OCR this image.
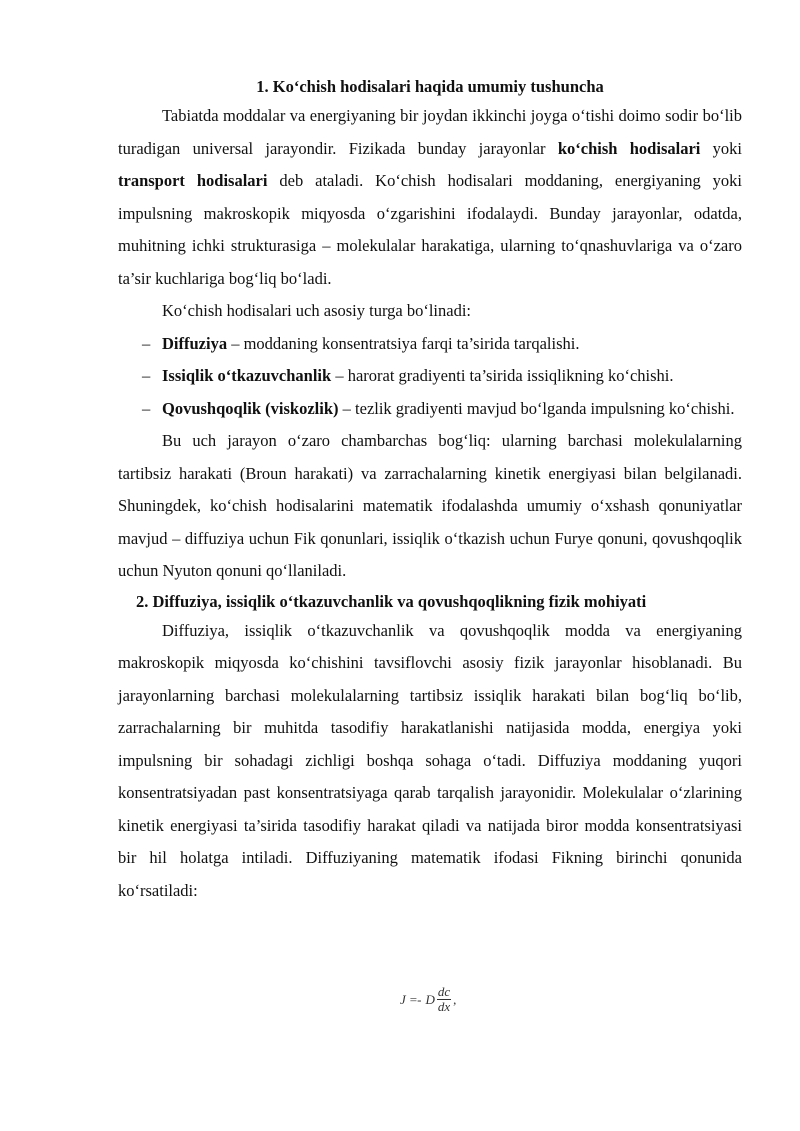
1. Ko‘chish hodisalari haqida umumiy tushuncha

Tabiatda moddalar va energiyaning bir joydan ikkinchi joyga o‘tishi doimo sodir bo‘lib turadigan universal jarayondir. Fizikada bunday jarayonlar ko‘chish hodisalari yoki transport hodisalari deb ataladi. Ko‘chish hodisalari moddaning, energiyaning yoki impulsning makroskopik miqyosda o‘zgarishini ifodalaydi. Bunday jarayonlar, odatda, muhitning ichki strukturasiga – molekulalar harakatiga, ularning to‘qnashuvlariga va o‘zaro ta’sir kuchlariga bog‘liq bo‘ladi.

Ko‘chish hodisalari uch asosiy turga bo‘linadi:

– Diffuziya – moddaning konsentratsiya farqi ta’sirida tarqalishi.
– Issiqlik o‘tkazuvchanlik – harorat gradiyenti ta’sirida issiqlikning ko‘chishi.
– Qovushqoqlik (viskozlik) – tezlik gradiyenti mavjud bo‘lganda impulsning ko‘chishi.

Bu uch jarayon o‘zaro chambarchas bog‘liq: ularning barchasi molekulalarning tartibsiz harakati (Broun harakati) va zarrachalarning kinetik energiyasi bilan belgilanadi. Shuningdek, ko‘chish hodisalarini matematik ifodalashda umumiy o‘xshash qonuniyatlar mavjud – diffuziya uchun Fik qonunlari, issiqlik o‘tkazish uchun Furye qonuni, qovushqoqlik uchun Nyuton qonuni qo‘llaniladi.

2. Diffuziya, issiqlik o‘tkazuvchanlik va qovushqoqlikning fizik mohiyati

Diffuziya, issiqlik o‘tkazuvchanlik va qovushqoqlik modda va energiyaning makroskopik miqyosda ko‘chishini tavsiflovchi asosiy fizik jarayonlar hisoblanadi. Bu jarayonlarning barchasi molekulalarning tartibsiz issiqlik harakati bilan bog‘liq bo‘lib, zarrachalarning bir muhitda tasodifiy harakatlanishi natijasida modda, energiya yoki impulsning bir sohadagi zichligi boshqa sohaga o‘tadi. Diffuziya moddaning yuqori konsentratsiyadan past konsentratsiyaga qarab tarqalish jarayonidir. Molekulalar o‘zlarining kinetik energiyasi ta’sirida tasodifiy harakat qiladi va natijada biror modda konsentratsiyasi bir hil holatga intiladi. Diffuziyaning matematik ifodasi Fikning birinchi qonunida ko‘rsatiladi:

J =- D $\frac{dc}{dx}$ ,
